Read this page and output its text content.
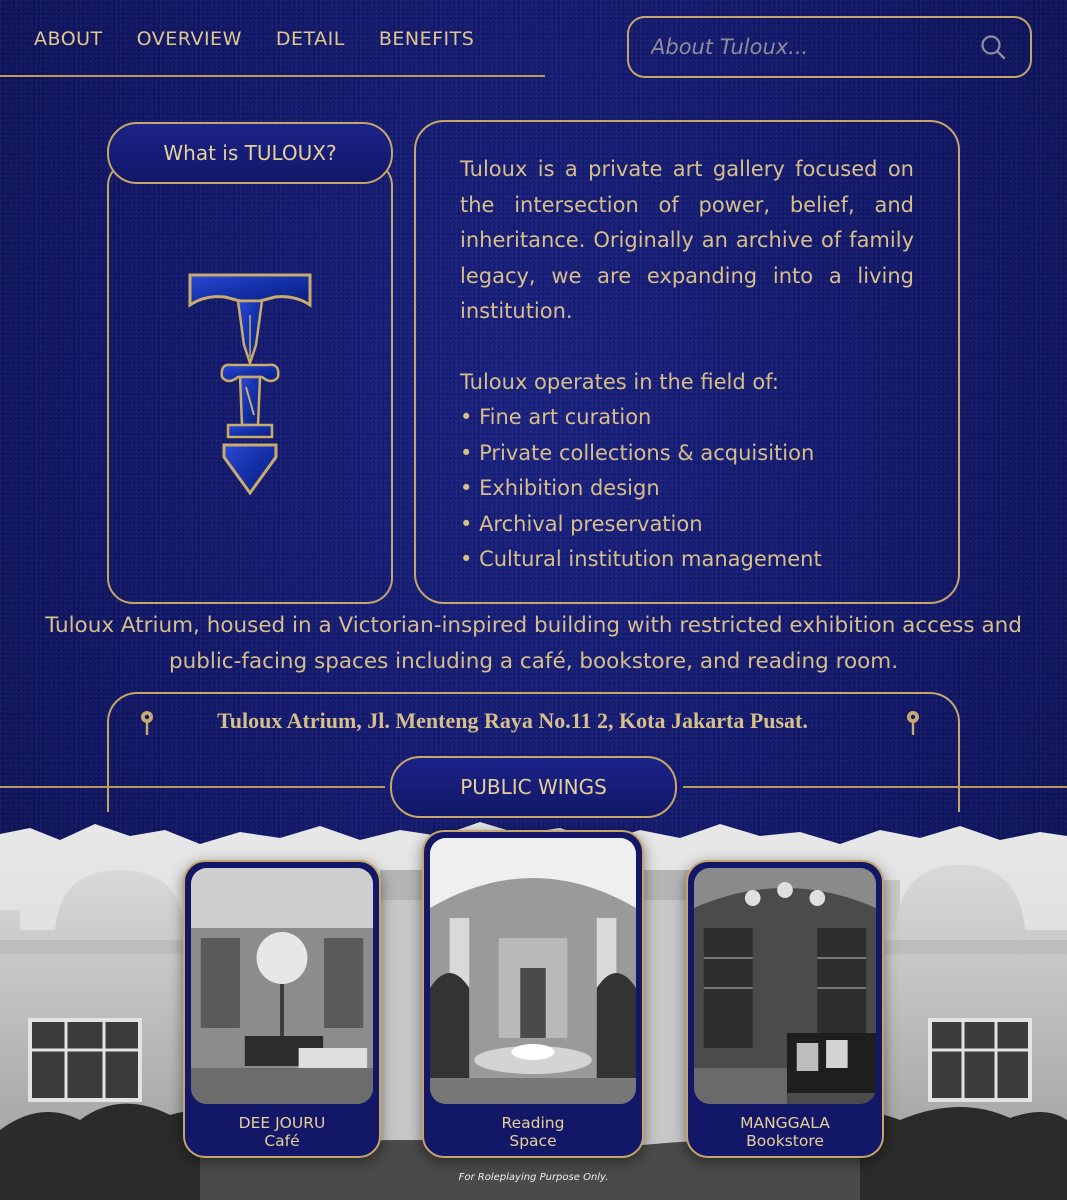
ABOUT OVERVIEW DETAIL BENEFITS
About Tuloux...
What is TULOUX?

Tuloux is a private art gallery focused on the intersection of power, belief, and inheritance. Originally an archive of family legacy, we are expanding into a living institution.

Tuloux operates in the field of:

• Fine art curation
• Private collections & acquisition
• Exhibition design
• Archival preservation
• Cultural institution management

Tuloux Atrium, housed in a Victorian-inspired building with restricted exhibition access and public-facing spaces including a café, bookstore, and reading room.

Tuloux Atrium, Jl. Menteng Raya No.11 2, Kota Jakarta Pusat.

PUBLIC WINGS
DEE JOURU
Café
Reading
Space
MANGGALA
Bookstore

For Roleplaying Purpose Only.
